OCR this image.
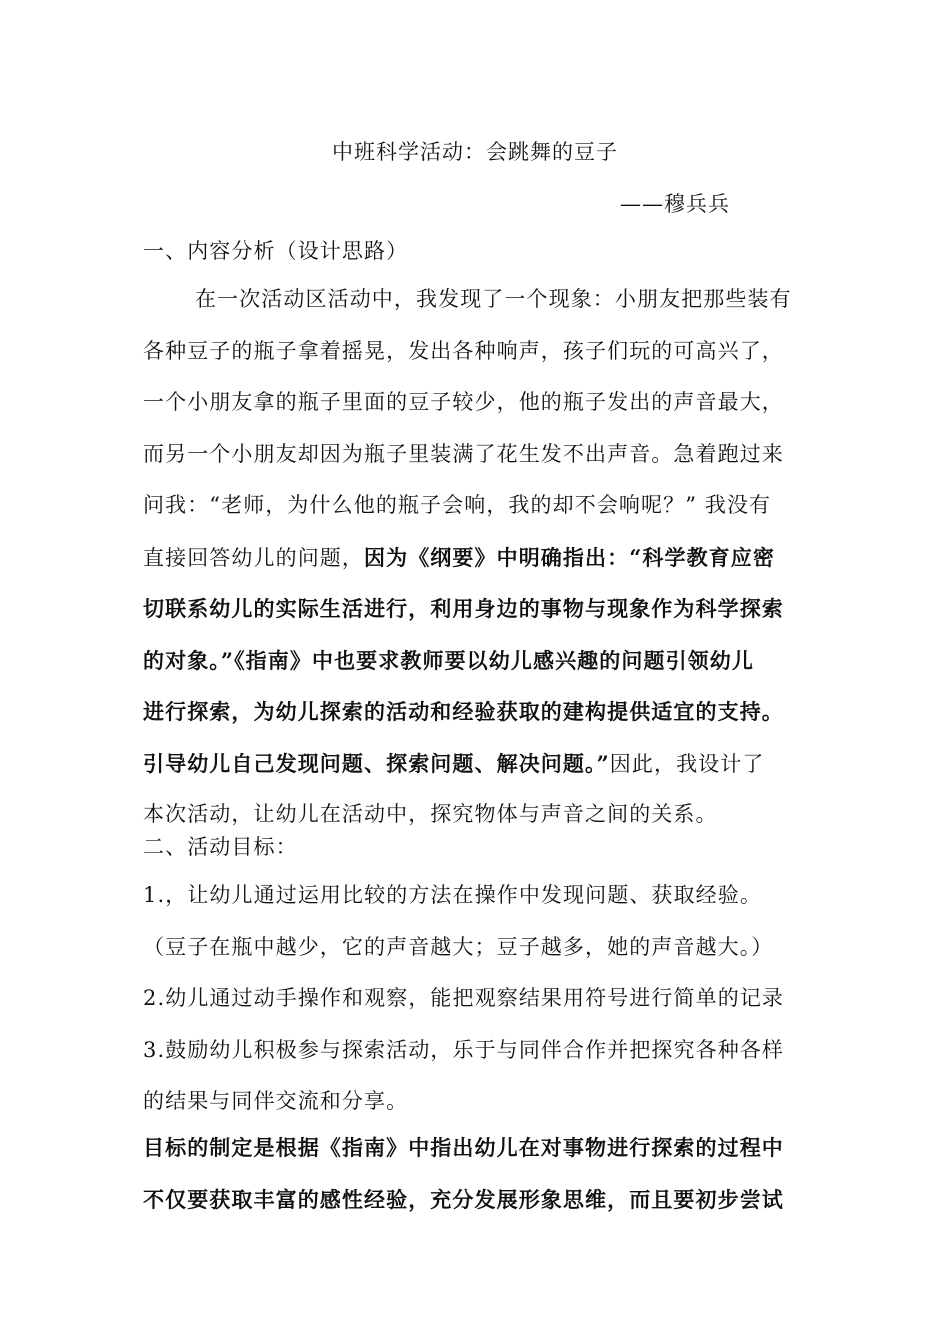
中班科学活动：会跳舞的豆子
——穆兵兵
一、内容分析（设计思路）
在一次活动区活动中，我发现了一个现象：小朋友把那些装有
各种豆子的瓶子拿着摇晃，发出各种响声，孩子们玩的可高兴了，
一个小朋友拿的瓶子里面的豆子较少，他的瓶子发出的声音最大，
而另一个小朋友却因为瓶子里装满了花生发不出声音。急着跑过来
问我：“老师，为什么他的瓶子会响，我的却不会响呢？” 我没有
直接回答幼儿的问题，因为《纲要》中明确指出：“科学教育应密
切联系幼儿的实际生活进行，利用身边的事物与现象作为科学探索
的对象。”《指南》中也要求教师要以幼儿感兴趣的问题引领幼儿
进行探索，为幼儿探索的活动和经验获取的建构提供适宜的支持。
引导幼儿自己发现问题、探索问题、解决问题。”因此，我设计了
本次活动，让幼儿在活动中，探究物体与声音之间的关系。
二、活动目标：
1.，让幼儿通过运用比较的方法在操作中发现问题、获取经验。
（豆子在瓶中越少，它的声音越大；豆子越多，她的声音越大。）
2.幼儿通过动手操作和观察，能把观察结果用符号进行简单的记录
3.鼓励幼儿积极参与探索活动，乐于与同伴合作并把探究各种各样
的结果与同伴交流和分享。
目标的制定是根据《指南》中指出幼儿在对事物进行探索的过程中
不仅要获取丰富的感性经验，充分发展形象思维，而且要初步尝试
